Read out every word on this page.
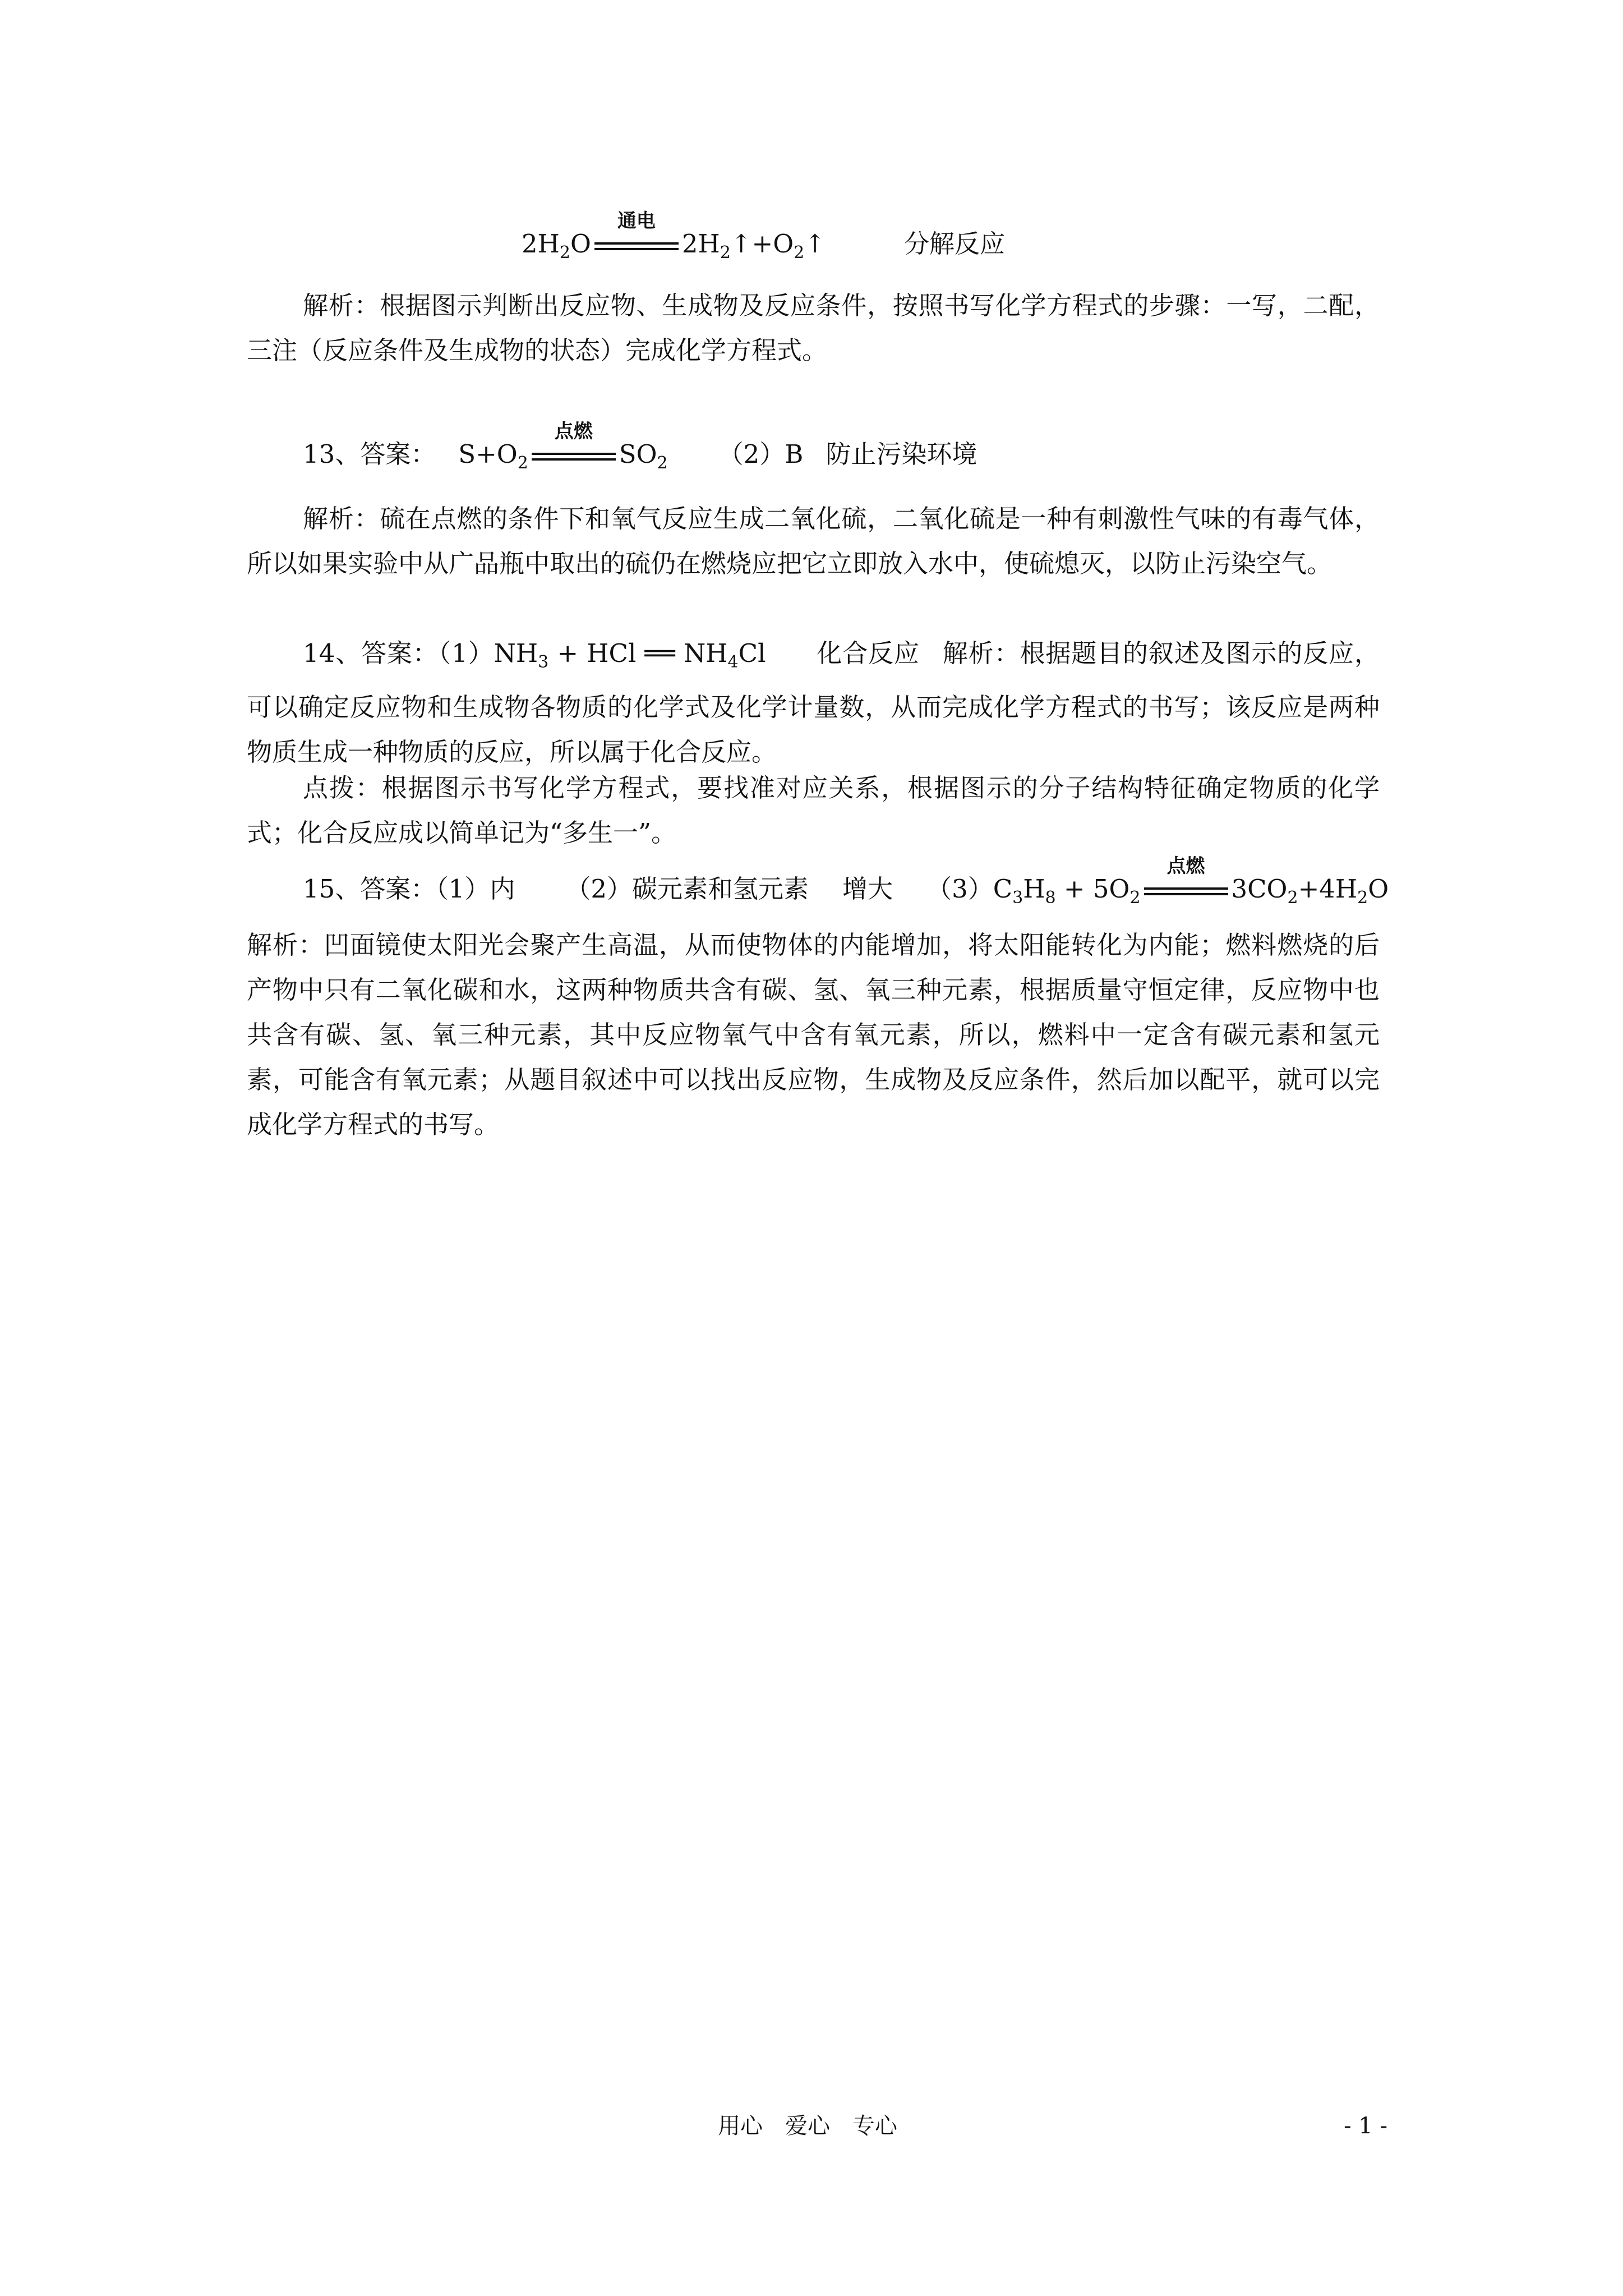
$2H_2O$
通电
$2H_2↑+O_2↑$	分解反应
解析：根据图示判断出反应物、生成物及反应条件，按照书写化学方程式的步骤：一写，二配，三注（反应条件及生成物的状态）完成化学方程式。
13、答案： $S+O_2$
点燃
$SO_2$ （2）B 防止污染环境
解析：硫在点燃的条件下和氧气反应生成二氧化硫，二氧化硫是一种有刺激性气味的有毒气体，所以如果实验中从广品瓶中取出的硫仍在燃烧应把它立即放入水中，使硫熄灭，以防止污染空气。
14、答案：$(1)NH_3$ + HCl ══ $NH_4Cl$ 化合反应 解析：根据题目的叙述及图示的反应，可以确定反应物和生成物各物质的化学式及化学计量数，从而完成化学方程式的书写；该反应是两种物质生成一种物质的反应，所以属于化合反应。
点拨：根据图示书写化学方程式，要找准对应关系，根据图示的分子结构特征确定物质的化学式；化合反应成以简单记为“多生一”。
15、答案：（1）内 （2）碳元素和氢元素 增大 $(3)C_3H_8 + 5O_2$
点燃
$3CO_2+4H_2O$
解析：凹面镜使太阳光会聚产生高温，从而使物体的内能增加，将太阳能转化为内能；燃料燃烧的后产物中只有二氧化碳和水，这两种物质共含有碳、氢、氧三种元素，根据质量守恒定律，反应物中也共含有碳、氢、氧三种元素，其中反应物氧气中含有氧元素，所以，燃料中一定含有碳元素和氢元素，可能含有氧元素；从题目叙述中可以找出反应物，生成物及反应条件，然后加以配平，就可以完成化学方程式的书写。
用心　爱心　专心	- 1 -
